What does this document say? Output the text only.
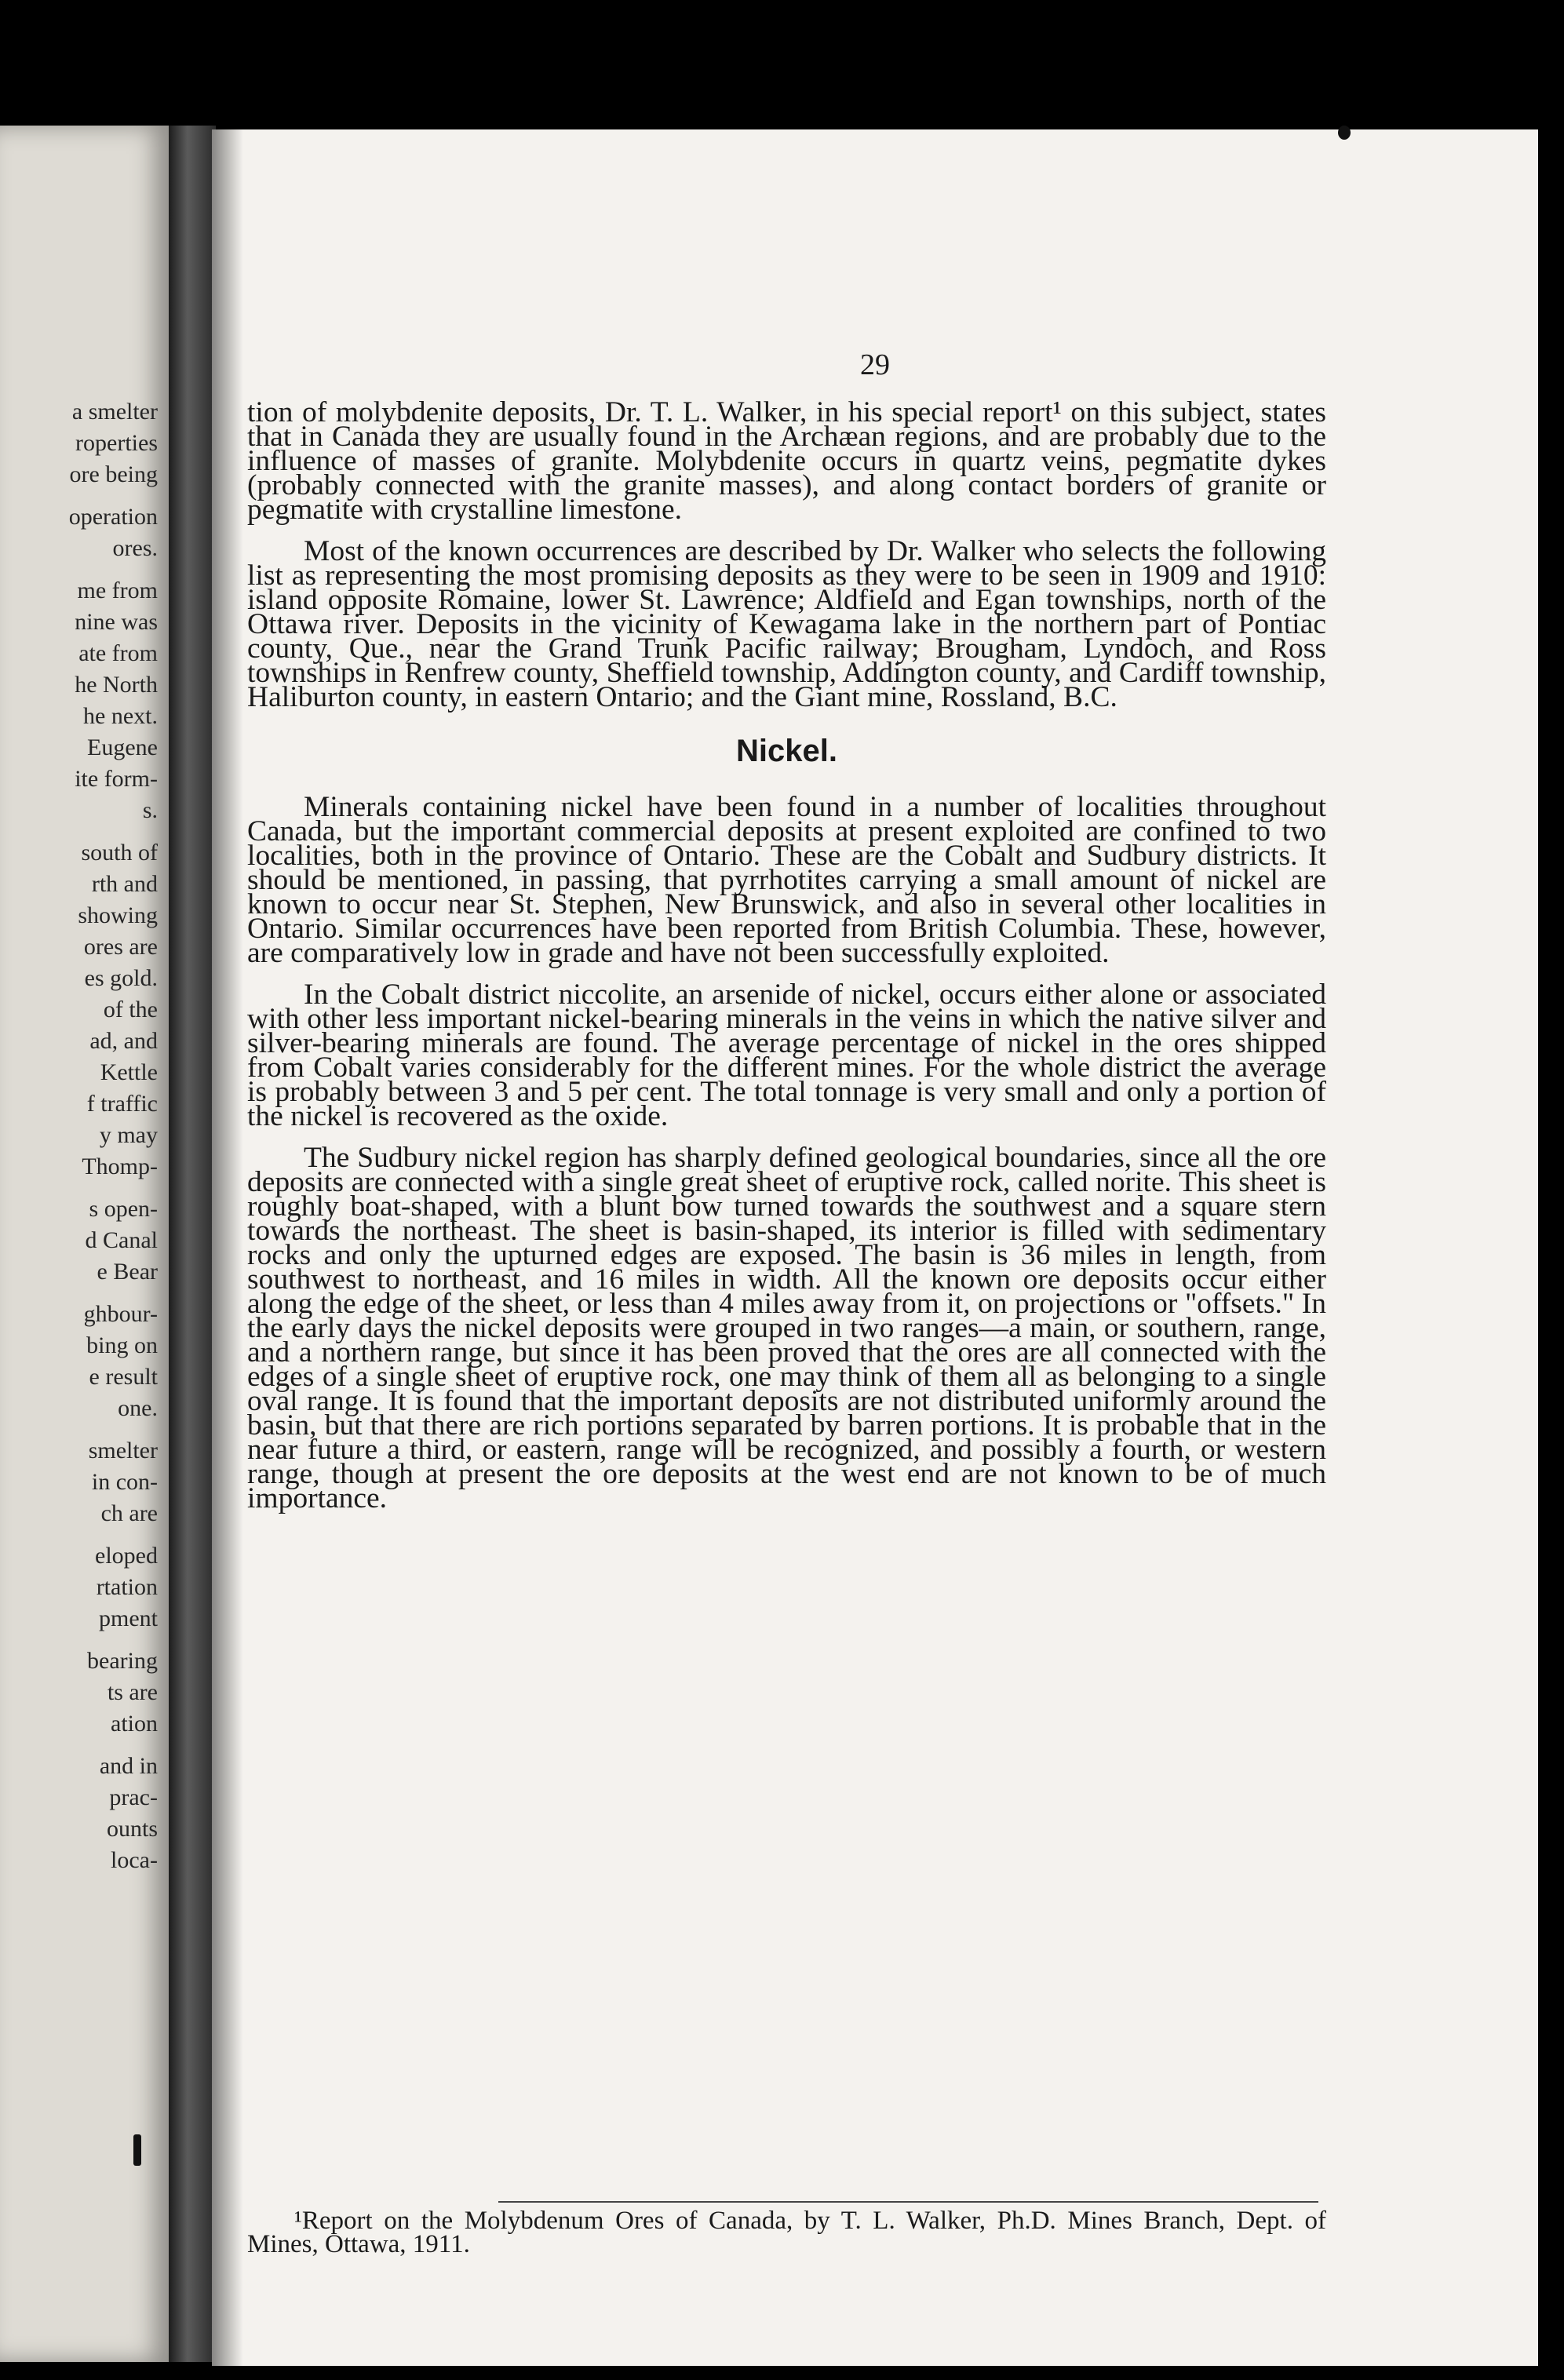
a smelter
roperties
ore being
operation
ores.
me from
nine was
ate from
he North
he next.
Eugene
ite form-
s.
south of
rth and
showing
ores are
es gold.
of the
ad, and
Kettle
f traffic
y may
Thomp-
s open-
d Canal
e Bear
ghbour-
bing on
e result
one.
smelter
in con-
ch are
eloped
rtation
pment
bearing
ts are
ation
and in
prac-
ounts
loca-
29

tion of molybdenite deposits, Dr. T. L. Walker, in his special report¹ on this subject, states that in Canada they are usually found in the Archæan regions, and are probably due to the influence of masses of granite. Molybdenite occurs in quartz veins, pegmatite dykes (probably connected with the granite masses), and along contact borders of granite or pegmatite with crystalline limestone.

Most of the known occurrences are described by Dr. Walker who selects the following list as representing the most promising deposits as they were to be seen in 1909 and 1910: island opposite Romaine, lower St. Lawrence; Aldfield and Egan townships, north of the Ottawa river. Deposits in the vicinity of Kewagama lake in the northern part of Pontiac county, Que., near the Grand Trunk Pacific railway; Brougham, Lyndoch, and Ross townships in Renfrew county, Sheffield township, Addington county, and Cardiff township, Haliburton county, in eastern Ontario; and the Giant mine, Rossland, B.C.

Nickel.

Minerals containing nickel have been found in a number of localities throughout Canada, but the important commercial deposits at present exploited are confined to two localities, both in the province of Ontario. These are the Cobalt and Sudbury districts. It should be mentioned, in passing, that pyrrhotites carrying a small amount of nickel are known to occur near St. Stephen, New Brunswick, and also in several other localities in Ontario. Similar occurrences have been reported from British Columbia. These, however, are comparatively low in grade and have not been successfully exploited.

In the Cobalt district niccolite, an arsenide of nickel, occurs either alone or associated with other less important nickel-bearing minerals in the veins in which the native silver and silver-bearing minerals are found. The average percentage of nickel in the ores shipped from Cobalt varies considerably for the different mines. For the whole district the average is probably between 3 and 5 per cent. The total tonnage is very small and only a portion of the nickel is recovered as the oxide.

The Sudbury nickel region has sharply defined geological boundaries, since all the ore deposits are connected with a single great sheet of eruptive rock, called norite. This sheet is roughly boat-shaped, with a blunt bow turned towards the southwest and a square stern towards the northeast. The sheet is basin-shaped, its interior is filled with sedimentary rocks and only the upturned edges are exposed. The basin is 36 miles in length, from southwest to northeast, and 16 miles in width. All the known ore deposits occur either along the edge of the sheet, or less than 4 miles away from it, on projections or "offsets." In the early days the nickel deposits were grouped in two ranges—a main, or southern, range, and a northern range, but since it has been proved that the ores are all connected with the edges of a single sheet of eruptive rock, one may think of them all as belonging to a single oval range. It is found that the important deposits are not distributed uniformly around the basin, but that there are rich portions separated by barren portions. It is probable that in the near future a third, or eastern, range will be recognized, and possibly a fourth, or western range, though at present the ore deposits at the west end are not known to be of much importance.

¹Report on the Molybdenum Ores of Canada, by T. L. Walker, Ph.D. Mines Branch, Dept. of Mines, Ottawa, 1911.
